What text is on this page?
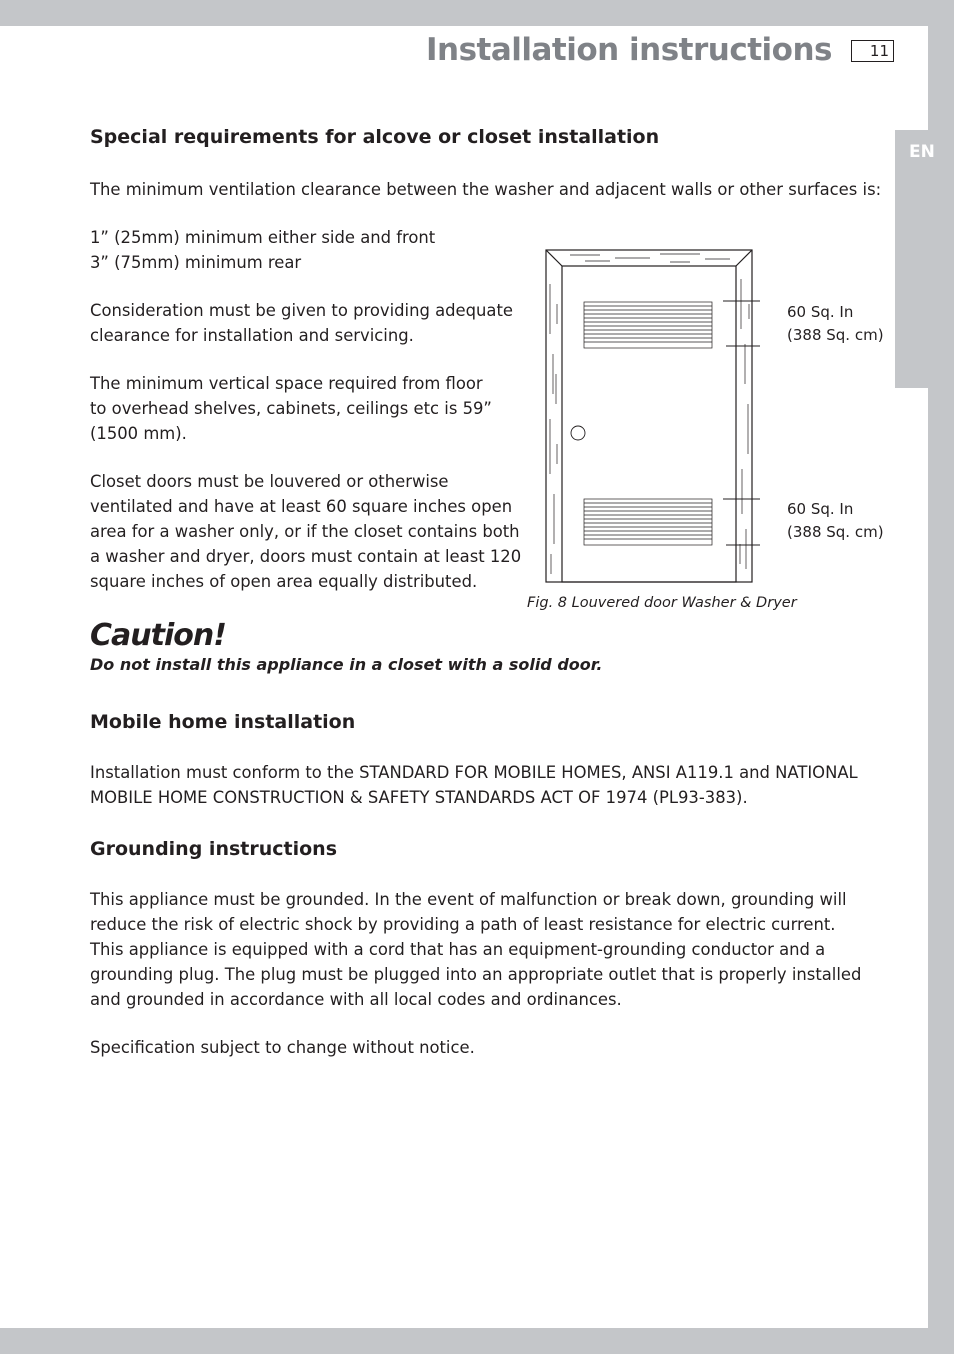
EN
Installation instructions	11
Special requirements for alcove or closet installation
The minimum ventilation clearance between the washer and adjacent walls or other surfaces is:
1” (25mm) minimum either side and front
3” (75mm) minimum rear
Consideration must be given to providing adequate clearance for installation and servicing.
The minimum vertical space required from floor to overhead shelves, cabinets, ceilings etc is 59” (1500 mm).
Closet doors must be louvered or otherwise ventilated and have at least 60 square inches open area for a washer only, or if the closet contains both a washer and dryer, doors must contain at least 120 square inches of open area equally distributed.
60 Sq. In
(388 Sq. cm)
60 Sq. In
(388 Sq. cm)
Fig. 8 Louvered door Washer & Dryer
Caution!
Do not install this appliance in a closet with a solid door.
Mobile home installation
Installation must conform to the STANDARD FOR MOBILE HOMES, ANSI A119.1 and NATIONAL MOBILE HOME CONSTRUCTION & SAFETY STANDARDS ACT OF 1974 (PL93-383).
Grounding instructions
This appliance must be grounded. In the event of malfunction or break down, grounding will reduce the risk of electric shock by providing a path of least resistance for electric current.
This appliance is equipped with a cord that has an equipment-grounding conductor and a grounding plug. The plug must be plugged into an appropriate outlet that is properly installed and grounded in accordance with all local codes and ordinances.
Specification subject to change without notice.
